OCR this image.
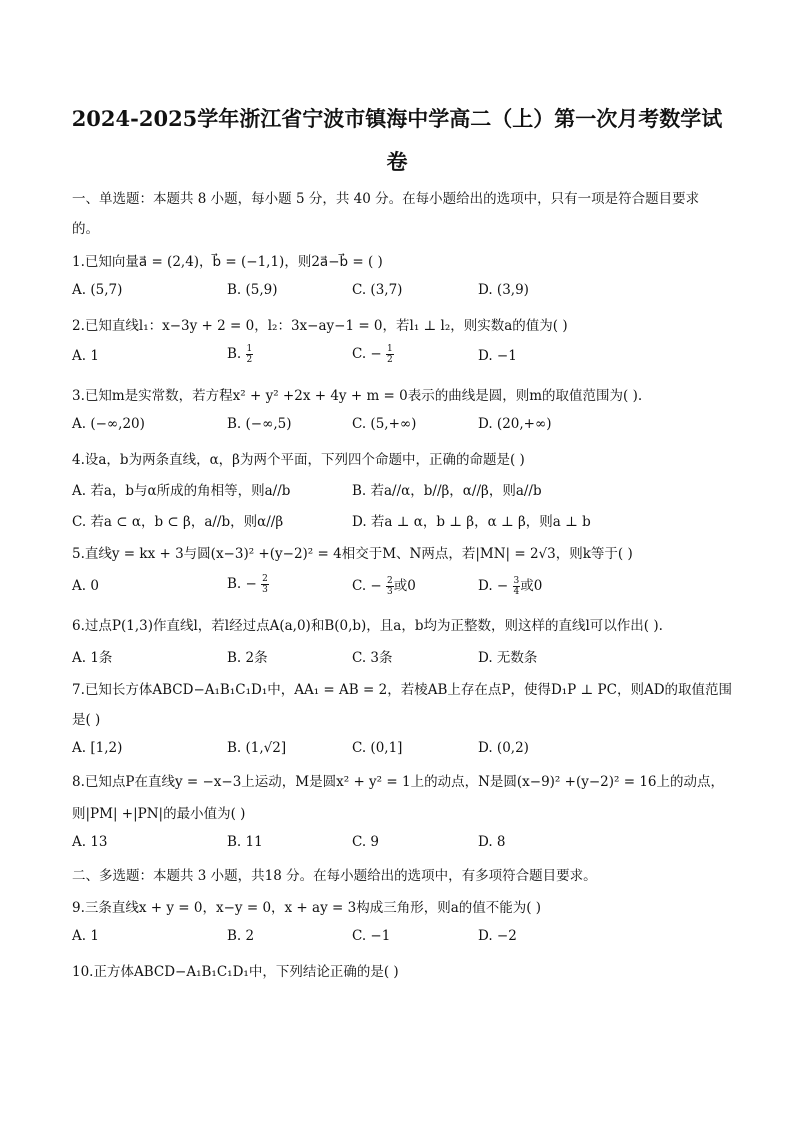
2024-2025学年浙江省宁波市镇海中学高二（上）第一次月考数学试
卷
一、单选题：本题共 8 小题，每小题 5 分，共 40 分。在每小题给出的选项中，只有一项是符合题目要求
的。
1.已知向量a⃗ = (2,4)，b⃗ = (−1,1)，则2a⃗−b⃗ = ( )
A. (5,7)	B. (5,9)	C. (3,7)	D. (3,9)
2.已知直线l₁：x−3y + 2 = 0，l₂：3x−ay−1 = 0，若l₁ ⊥ l₂，则实数a的值为( )
A. 1	B. $\frac{1}{2}$	C. − $\frac{1}{2}$	D. −1
3.已知m是实常数，若方程x² + y² +2x + 4y + m = 0表示的曲线是圆，则m的取值范围为( ).
A. (−∞,20)	B. (−∞,5)	C. (5,+∞)	D. (20,+∞)
4.设a，b为两条直线，α，β为两个平面，下列四个命题中，正确的命题是( )
A. 若a，b与α所成的角相等，则a//b	B. 若a//α，b//β，α//β，则a//b
C. 若a ⊂ α，b ⊂ β，a//b，则α//β	D. 若a ⊥ α，b ⊥ β，α ⊥ β，则a ⊥ b
5.直线y = kx + 3与圆(x−3)² +(y−2)² = 4相交于M、N两点，若|MN| = 2√3，则k等于( )
A. 0	B. − $\frac{2}{3}$	C. − $\frac{2}{3}$ 或0	D. − $\frac{3}{4}$ 或0
6.过点P(1,3)作直线l，若l经过点A(a,0)和B(0,b)，且a，b均为正整数，则这样的直线l可以作出( ).
A. 1条	B. 2条	C. 3条	D. 无数条
7.已知长方体ABCD−A₁B₁C₁D₁中，AA₁ = AB = 2，若棱AB上存在点P，使得D₁P ⊥ PC，则AD的取值范围
是( )
A. [1,2)	B. (1,√2]	C. (0,1]	D. (0,2)
8.已知点P在直线y = −x−3上运动，M是圆x² + y² = 1上的动点，N是圆(x−9)² +(y−2)² = 16上的动点，
则|PM| +|PN|的最小值为( )
A. 13	B. 11	C. 9	D. 8
二、多选题：本题共 3 小题，共18 分。在每小题给出的选项中，有多项符合题目要求。
9.三条直线x + y = 0，x−y = 0，x + ay = 3构成三角形，则a的值不能为( )
A. 1	B. 2	C. −1	D. −2
10.正方体ABCD−A₁B₁C₁D₁中，下列结论正确的是( )
